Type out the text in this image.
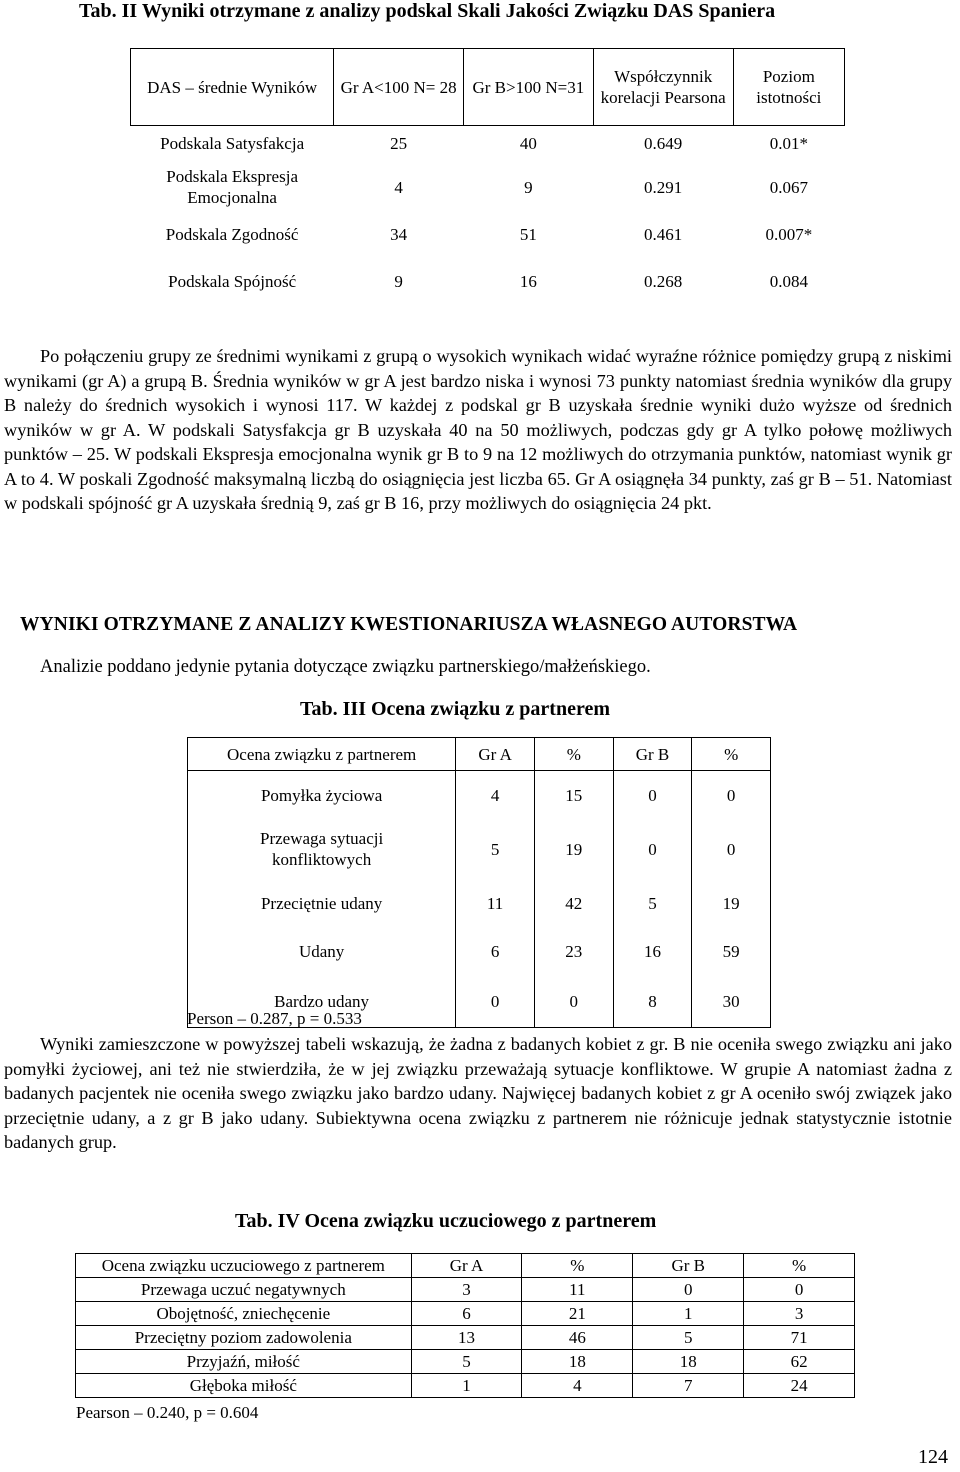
Tab. II Wyniki otrzymane z analizy podskal Skali Jakości Związku DAS Spaniera
DAS – średnie Wyników	Gr A<100 N= 28	Gr B>100 N=31	Współczynnik korelacji Pearsona	Poziom istotności
Podskala Satysfakcja	25	40	0.649	0.01*
Podskala Ekspresja Emocjonalna	4	9	0.291	0.067
Podskala Zgodność	34	51	0.461	0.007*
Podskala Spójność	9	16	0.268	0.084

Po połączeniu grupy ze średnimi wynikami z grupą o wysokich wynikach widać wyraźne różnice pomiędzy grupą z niskimi wynikami (gr A) a grupą B. Średnia wyników w gr A jest bardzo niska i wynosi 73 punkty natomiast średnia wyników dla grupy B należy do średnich wysokich i wynosi 117. W każdej z podskal gr B uzyskała średnie wyniki dużo wyższe od średnich wyników w gr A. W podskali Satysfakcja gr B uzyskała 40 na 50 możliwych, podczas gdy gr A tylko połowę możliwych punktów – 25. W podskali Ekspresja emocjonalna wynik gr B to 9 na 12 możliwych do otrzymania punktów, natomiast wynik gr A to 4. W poskali Zgodność maksymalną liczbą do osiągnięcia jest liczba 65. Gr A osiągnęła 34 punkty, zaś gr B – 51. Natomiast w podskali spójność gr A uzyskała średnią 9, zaś gr B 16, przy możliwych do osiągnięcia 24 pkt.

WYNIKI OTRZYMANE Z ANALIZY KWESTIONARIUSZA WŁASNEGO AUTORSTWA
Analizie poddano jedynie pytania dotyczące związku partnerskiego/małżeńskiego.
Tab. III Ocena związku z partnerem
Ocena związku z partnerem	Gr A	%	Gr B	%
Pomyłka życiowa	4	15	0	0
Przewaga sytuacji konfliktowych	5	19	0	0
Przeciętnie udany	11	42	5	19
Udany	6	23	16	59
Bardzo udany	0	0	8	30
Person – 0.287, p = 0.533

Wyniki zamieszczone w powyższej tabeli wskazują, że żadna z badanych kobiet z gr. B nie oceniła swego związku ani jako pomyłki życiowej, ani też nie stwierdziła, że w jej związku przeważają sytuacje konfliktowe. W grupie A natomiast żadna z badanych pacjentek nie oceniła swego związku jako bardzo udany. Najwięcej badanych kobiet z gr A oceniło swój związek jako przeciętnie udany, a z gr B jako udany. Subiektywna ocena związku z partnerem nie różnicuje jednak statystycznie istotnie badanych grup.

Tab. IV Ocena związku uczuciowego z partnerem
Ocena związku uczuciowego z partnerem	Gr A	%	Gr B	%
Przewaga uczuć negatywnych	3	11	0	0
Obojętność, zniechęcenie	6	21	1	3
Przeciętny poziom zadowolenia	13	46	5	71
Przyjaźń, miłość	5	18	18	62
Głęboka miłość	1	4	7	24
Pearson – 0.240, p = 0.604
124
